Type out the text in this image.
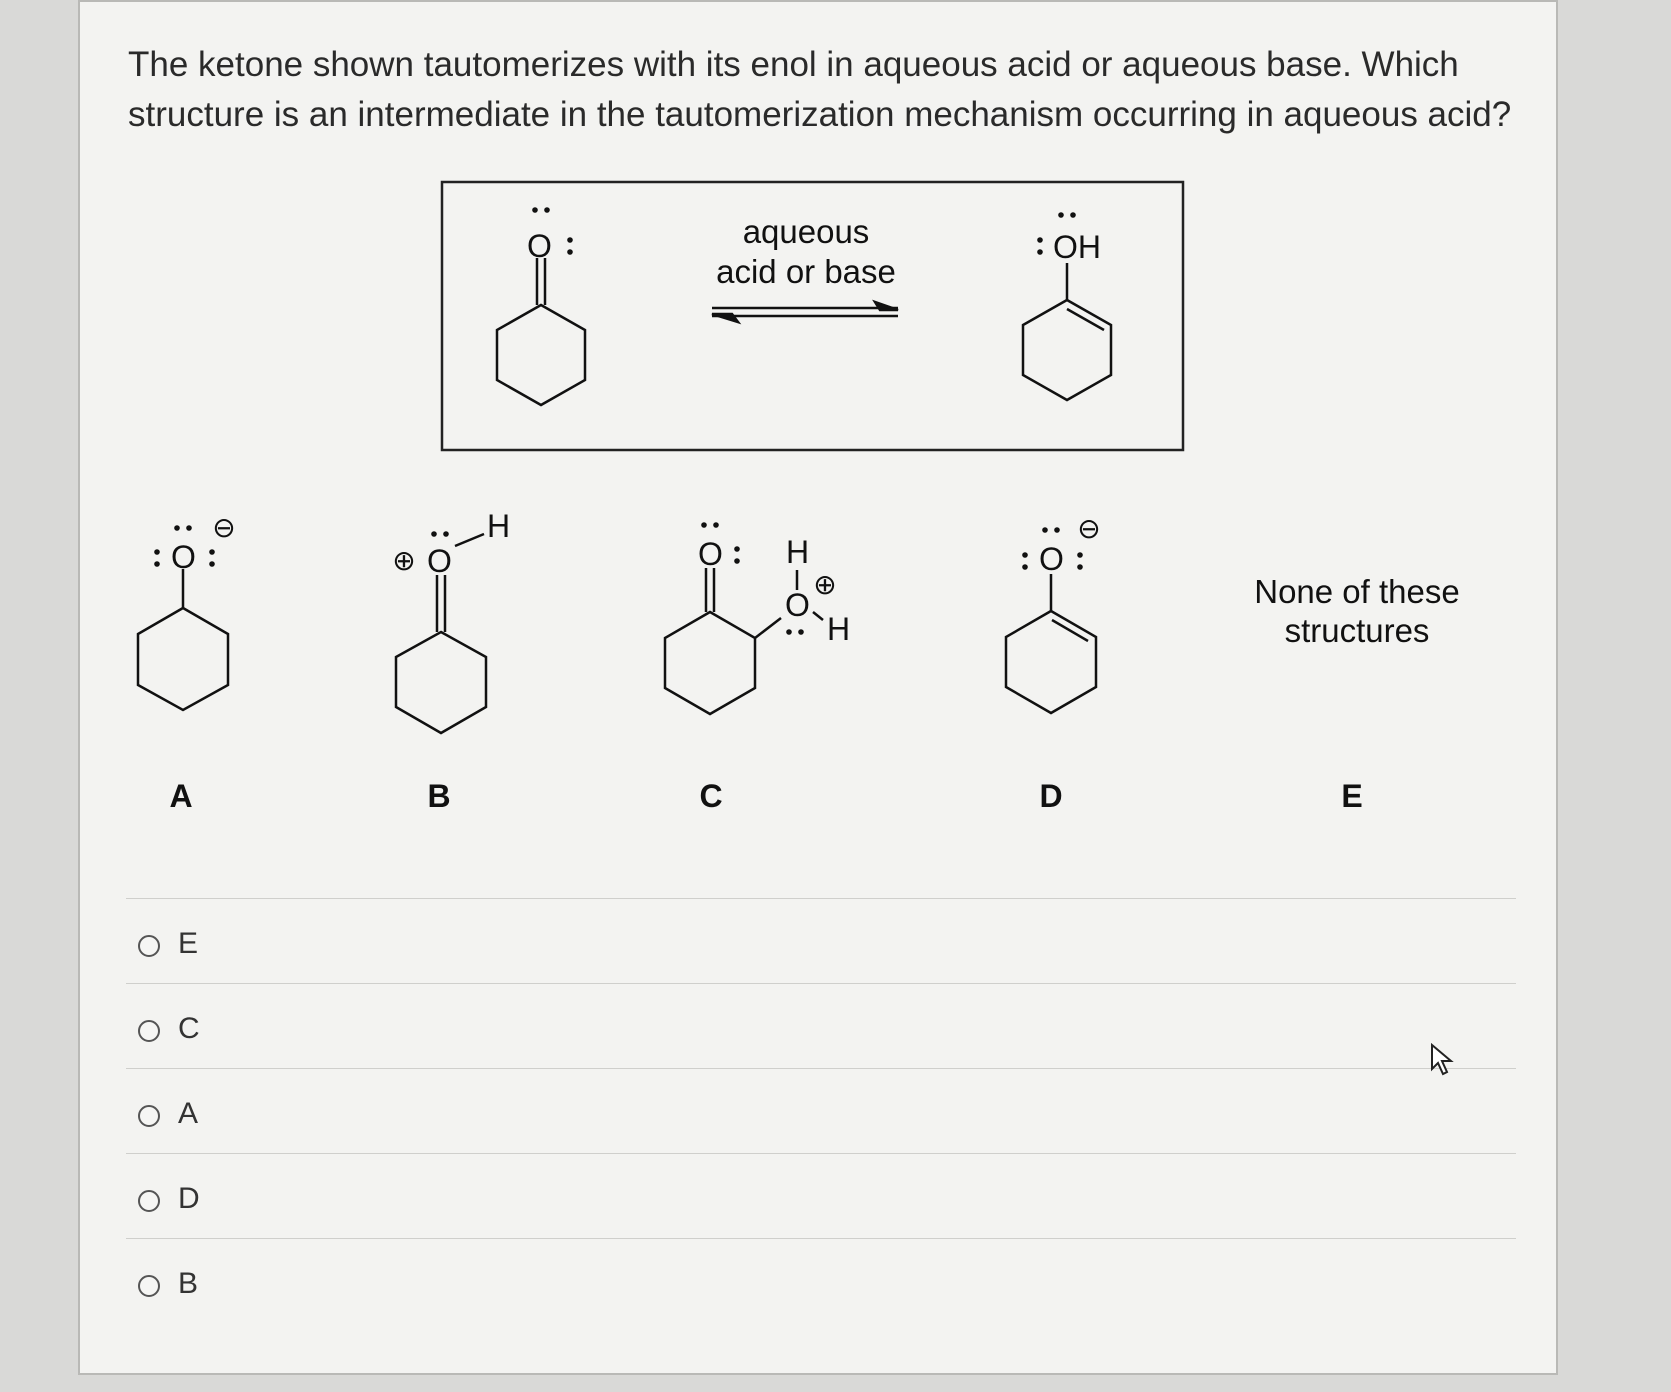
The ketone shown tautomerizes with its enol in aqueous acid or aqueous base. Which structure is an intermediate in the tautomerization mechanism occurring in aqueous acid?
O	aqueous
acid or base
OH
O
⊖
A
O
⊕
H
B
O H
O
⊕
H
C
O
⊖
D
None of these
structures
E
E
C
A
D
B
